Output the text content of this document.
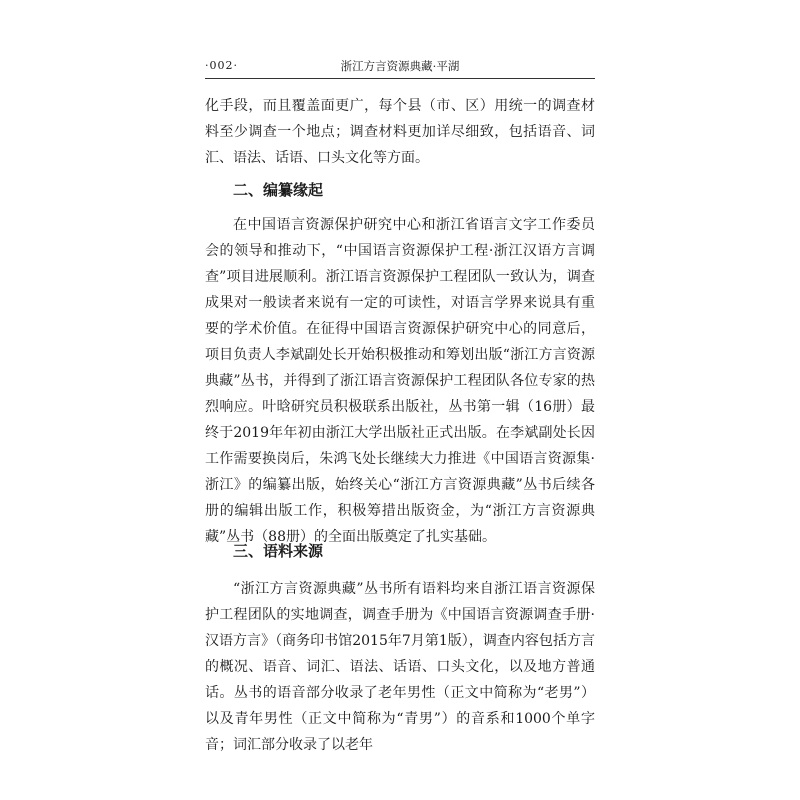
·002·	浙江方言资源典藏·平湖

化手段，而且覆盖面更广，每个县（市、区）用统一的调查材料至少调查一个地点；调查材料更加详尽细致，包括语音、词汇、语法、话语、口头文化等方面。

二、编纂缘起

在中国语言资源保护研究中心和浙江省语言文字工作委员会的领导和推动下，“中国语言资源保护工程·浙江汉语方言调查”项目进展顺利。浙江语言资源保护工程团队一致认为，调查成果对一般读者来说有一定的可读性，对语言学界来说具有重要的学术价值。在征得中国语言资源保护研究中心的同意后，项目负责人李斌副处长开始积极推动和筹划出版“浙江方言资源典藏”丛书，并得到了浙江语言资源保护工程团队各位专家的热烈响应。叶晗研究员积极联系出版社，丛书第一辑（16册）最终于2019年年初由浙江大学出版社正式出版。在李斌副处长因工作需要换岗后，朱鸿飞处长继续大力推进《中国语言资源集·浙江》的编纂出版，始终关心“浙江方言资源典藏”丛书后续各册的编辑出版工作，积极筹措出版资金，为“浙江方言资源典藏”丛书（88册）的全面出版奠定了扎实基础。

三、语料来源

“浙江方言资源典藏”丛书所有语料均来自浙江语言资源保护工程团队的实地调查，调查手册为《中国语言资源调查手册·汉语方言》（商务印书馆2015年7月第1版），调查内容包括方言的概况、语音、词汇、语法、话语、口头文化，以及地方普通话。丛书的语音部分收录了老年男性（正文中简称为“老男”）以及青年男性（正文中简称为“青男”）的音系和1000个单字音；词汇部分收录了以老年
